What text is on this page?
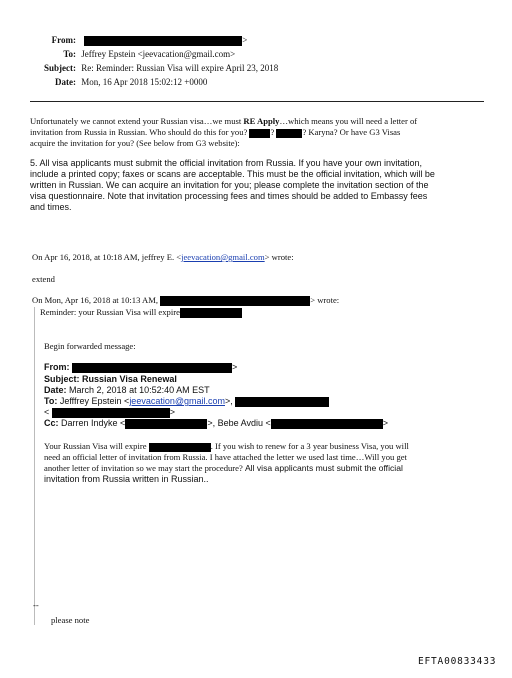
From:	>
To: Jeffrey Epstein <jeevacation@gmail.com>
Subject: Re: Reminder: Russian Visa will expire April 23, 2018
Date: Mon, 16 Apr 2018 15:02:12 +0000
Unfortunately we cannot extend your Russian visa…we must RE Apply…which means you will need a letter of
invitation from Russia in Russian. Who should do this for you? ?	? Karyna? Or have G3 Visas
acquire the invitation for you? (See below from G3 website):
5. All visa applicants must submit the official invitation from Russia. If you have your own invitation,
include a printed copy; faxes or scans are acceptable. This must be the official invitation, which will be
written in Russian. We can acquire an invitation for you; please complete the invitation section of the
visa questionnaire. Note that invitation processing fees and times should be added to Embassy fees
and times.
On Apr 16, 2018, at 10:18 AM, jeffrey E. <jeevacation@gmail.com> wrote:
extend
On Mon, Apr 16, 2018 at 10:13 AM,	> wrote:
Reminder: your Russian Visa will expire
Begin forwarded message:
From:	>
Subject: Russian Visa Renewal
Date: March 2, 2018 at 10:52:40 AM EST
To: Jefffrey Epstein <jeevacation@gmail.com>,
<	>
Cc: Darren Indyke <	>, Bebe Avdiu <	>
Your Russian Visa will expire	. If you wish to renew for a 3 year business Visa, you will
need an official letter of invitation from Russia. I have attached the letter we used last time…Will you get
another letter of invitation so we may start the procedure? All visa applicants must submit the official
invitation from Russia written in Russian..
--
please note
EFTA00833433
